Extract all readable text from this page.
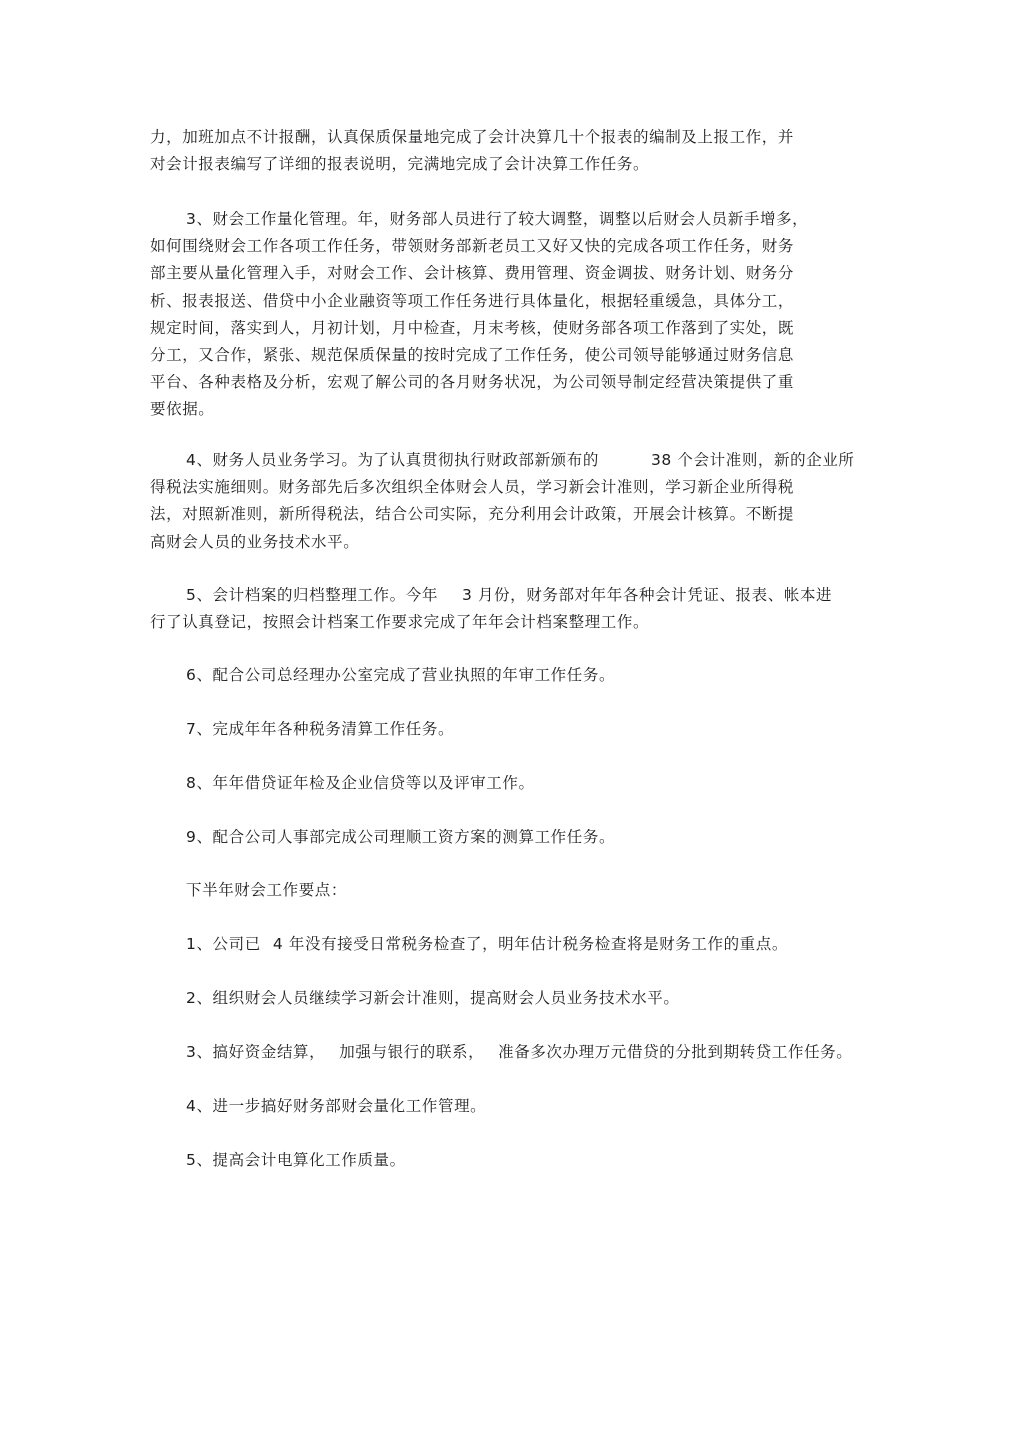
力，加班加点不计报酬，认真保质保量地完成了会计决算几十个报表的编制及上报工作，并
对会计报表编写了详细的报表说明，完满地完成了会计决算工作任务。

3、财会工作量化管理。年，财务部人员进行了较大调整，调整以后财会人员新手增多，
如何围绕财会工作各项工作任务，带领财务部新老员工又好又快的完成各项工作任务，财务
部主要从量化管理入手，对财会工作、会计核算、费用管理、资金调拔、财务计划、财务分
析、报表报送、借贷中小企业融资等项工作任务进行具体量化，根据轻重缓急，具体分工，
规定时间，落实到人，月初计划，月中检查，月末考核，使财务部各项工作落到了实处，既
分工，又合作，紧张、规范保质保量的按时完成了工作任务，使公司领导能够通过财务信息
平台、各种表格及分析，宏观了解公司的各月财务状况，为公司领导制定经营决策提供了重
要依据。

4、财务人员业务学习。为了认真贯彻执行财政部新颁布的	38 个会计准则，新的企业所
得税法实施细则。财务部先后多次组织全体财会人员，学习新会计准则，学习新企业所得税
法，对照新准则，新所得税法，结合公司实际，充分利用会计政策，开展会计核算。不断提
高财会人员的业务技术水平。

5、会计档案的归档整理工作。今年 3 月份，财务部对年年各种会计凭证、报表、帐本进
行了认真登记，按照会计档案工作要求完成了年年会计档案整理工作。

6、配合公司总经理办公室完成了营业执照的年审工作任务。

7、完成年年各种税务清算工作任务。

8、年年借贷证年检及企业信贷等以及评审工作。

9、配合公司人事部完成公司理顺工资方案的测算工作任务。

下半年财会工作要点：

1、公司已 4 年没有接受日常税务检查了，明年估计税务检查将是财务工作的重点。

2、组织财会人员继续学习新会计准则，提高财会人员业务技术水平。

3、搞好资金结算， 加强与银行的联系， 准备多次办理万元借贷的分批到期转贷工作任务。

4、进一步搞好财务部财会量化工作管理。

5、提高会计电算化工作质量。
